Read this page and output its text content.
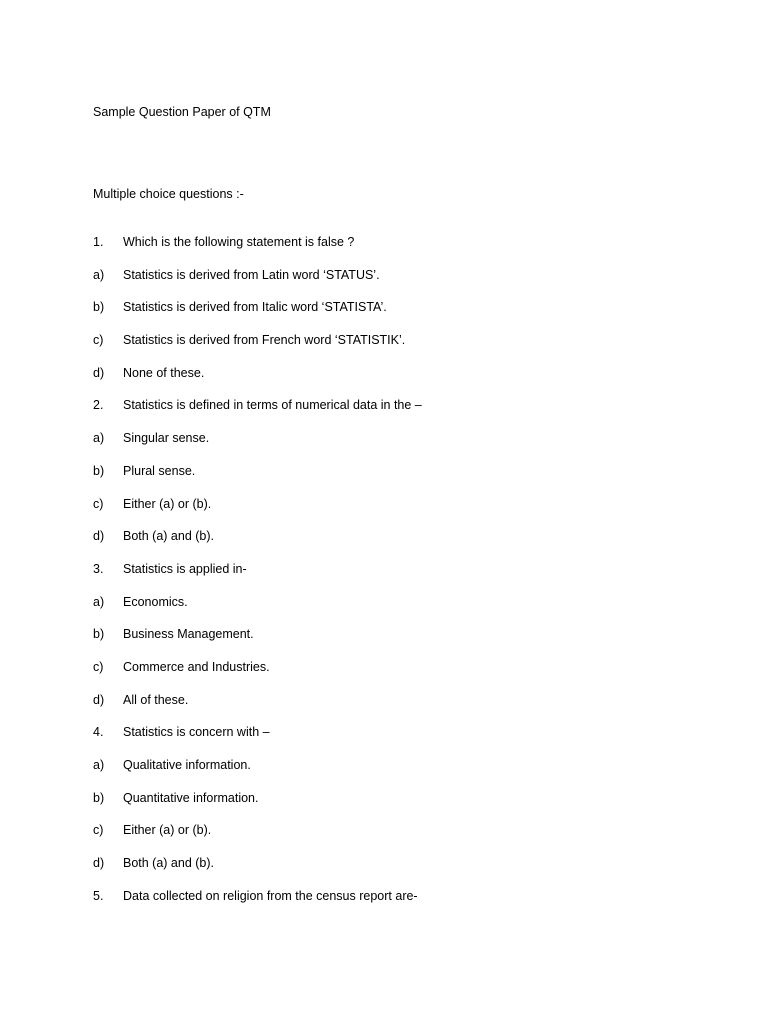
Sample Question Paper of QTM
Multiple choice questions :-
1.	Which is the following statement is false ?
a)	Statistics is derived from Latin word ‘STATUS’.
b)	Statistics is derived from Italic word ‘STATISTA’.
c)	Statistics is derived from French word ‘STATISTIK’.
d)	None of these.
2.	Statistics is defined in terms of numerical data in the –
a)	Singular sense.
b)	Plural sense.
c)	Either (a) or (b).
d)	Both (a) and (b).
3.	Statistics is applied in-
a)	Economics.
b)	Business Management.
c)	Commerce and Industries.
d)	All of these.
4.	Statistics is concern with –
a)	Qualitative information.
b)	Quantitative information.
c)	Either (a) or (b).
d)	Both (a) and (b).
5.	Data collected on religion from the census report are-
